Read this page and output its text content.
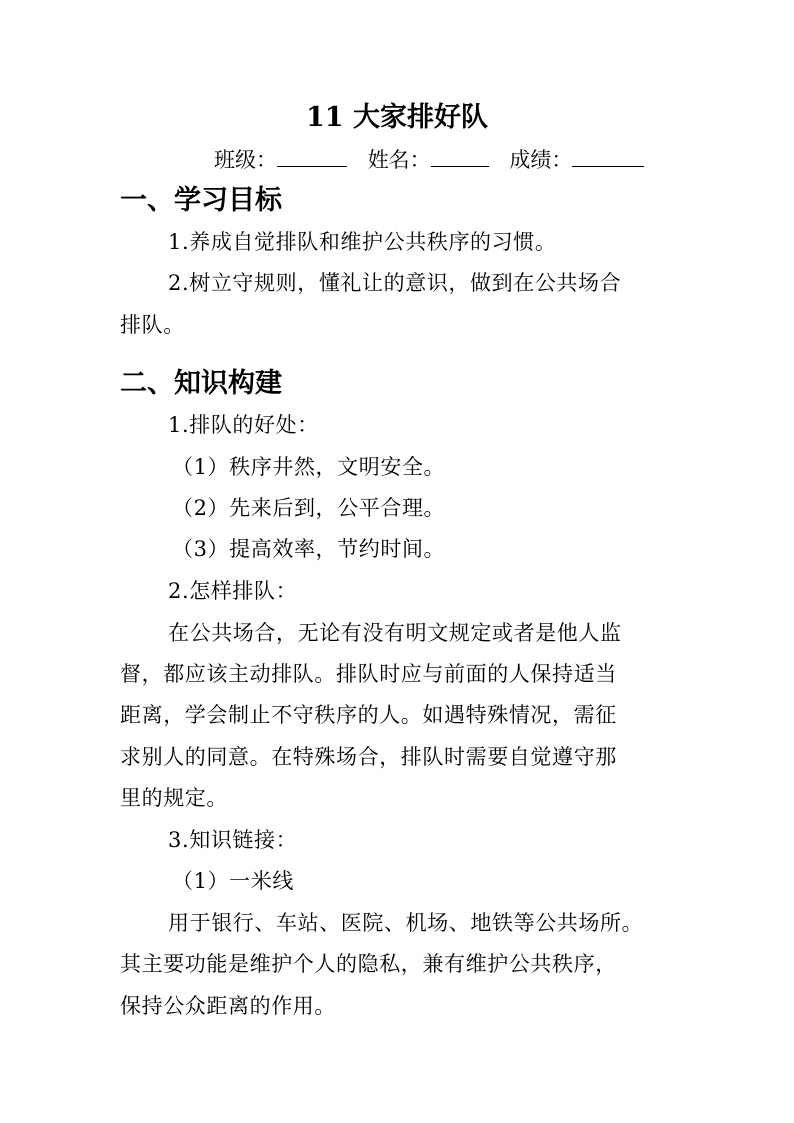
11 大家排好队
班级：	姓名：	成绩：
一、学习目标
1.养成自觉排队和维护公共秩序的习惯。
2.树立守规则，懂礼让的意识，做到在公共场合
排队。
二、知识构建
1.排队的好处：
（1）秩序井然，文明安全。
（2）先来后到，公平合理。
（3）提高效率，节约时间。
2.怎样排队：
在公共场合，无论有没有明文规定或者是他人监
督，都应该主动排队。排队时应与前面的人保持适当
距离，学会制止不守秩序的人。如遇特殊情况，需征
求别人的同意。在特殊场合，排队时需要自觉遵守那
里的规定。
3.知识链接：
（1）一米线
用于银行、车站、医院、机场、地铁等公共场所。
其主要功能是维护个人的隐私，兼有维护公共秩序，
保持公众距离的作用。
